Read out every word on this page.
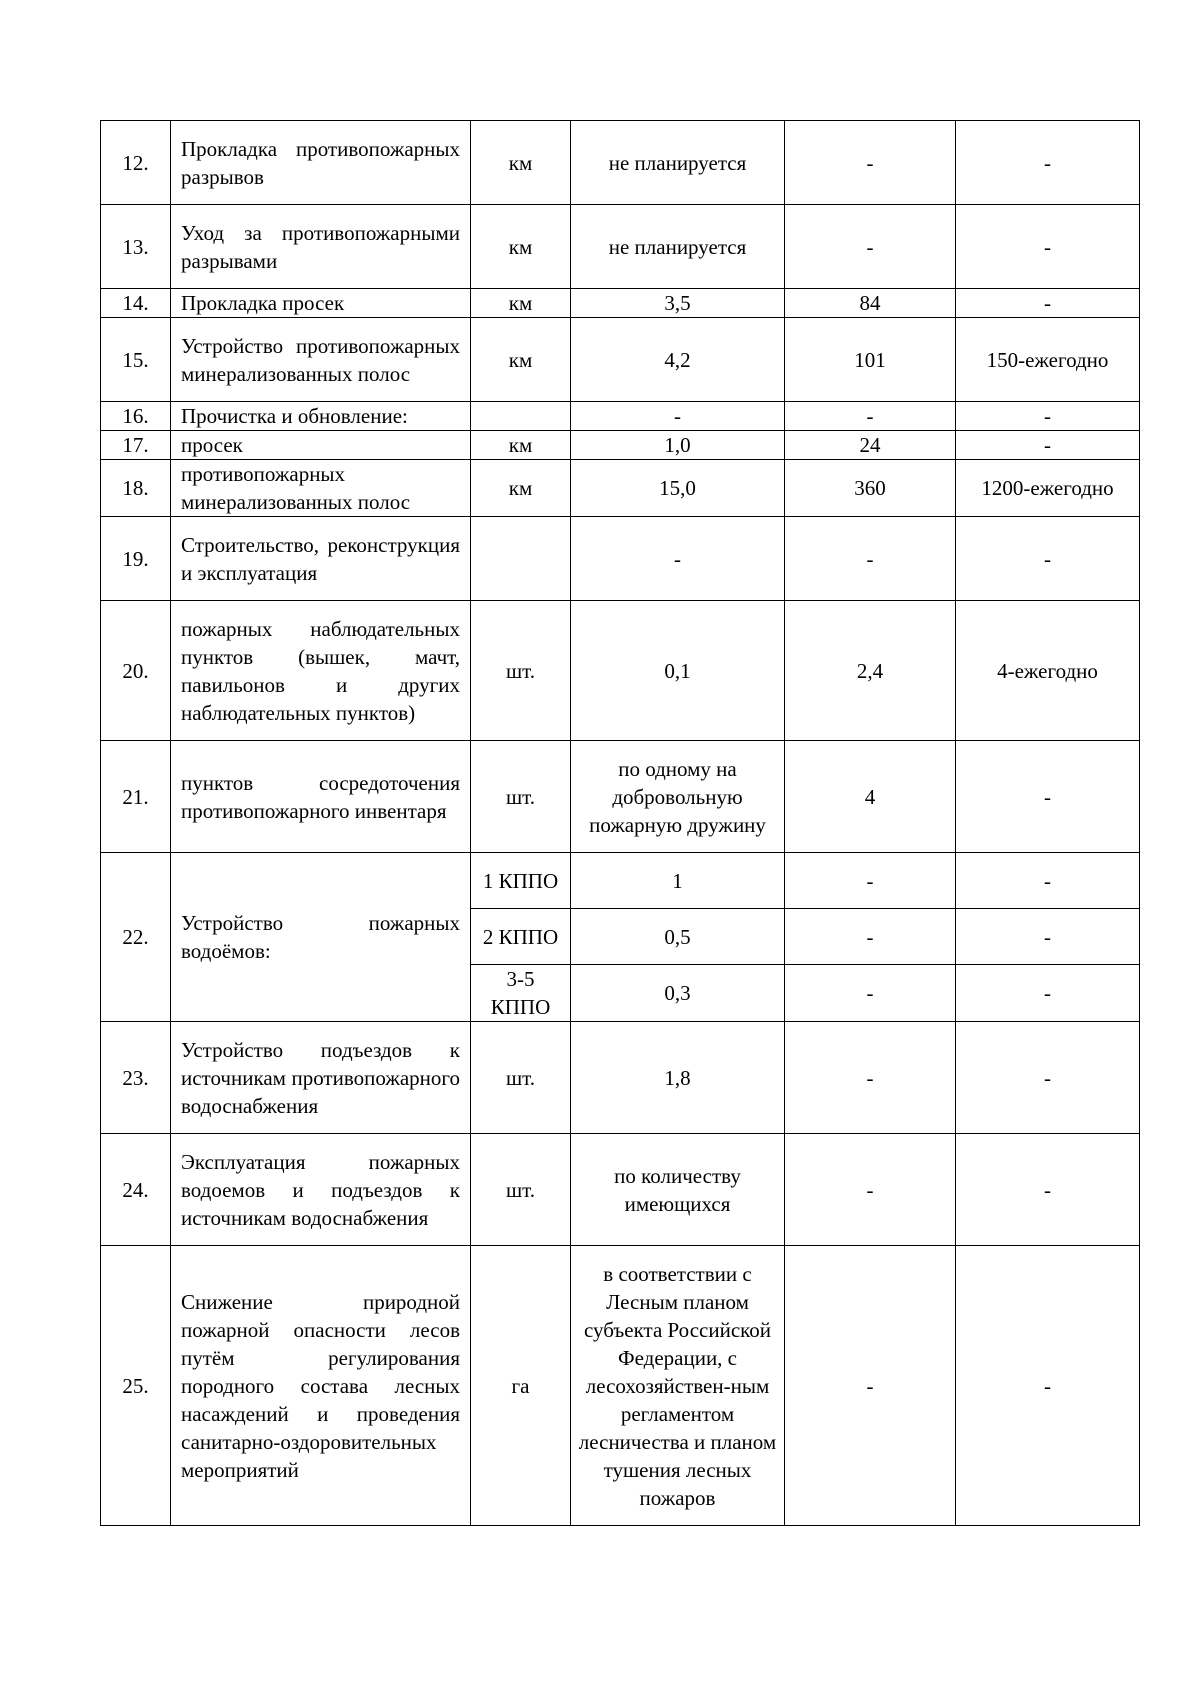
12.	Прокладка противопожарных разрывов	км	не планируется	-	-
13.	Уход за противопожарными разрывами	км	не планируется	-	-
14.	Прокладка просек	км	3,5	84	-
15.	Устройство противопожарных минерализованных полос	км	4,2	101	150-ежегодно
16.	Прочистка и обновление:		-	-	-
17.	просек	км	1,0	24	-
18.	противопожарных минерализованных полос	км	15,0	360	1200-ежегодно
19.	Строительство, реконструкция и эксплуатация		-	-	-
20.	пожарных наблюдательных пунктов (вышек, мачт, павильонов и других наблюдательных пунктов)	шт.	0,1	2,4	4-ежегодно
21.	пунктов сосредоточения противопожарного инвентаря	шт.	по одному на добровольную пожарную дружину	4	-
22.	Устройство пожарных водоёмов:	1 КППО	1	-	-
		2 КППО	0,5	-	-
		3-5 КППО	0,3	-	-
23.	Устройство подъездов к источникам противопожарного водоснабжения	шт.	1,8	-	-
24.	Эксплуатация пожарных водоемов и подъездов к источникам водоснабжения	шт.	по количеству имеющихся	-	-
25.	Снижение природной пожарной опасности лесов путём регулирования породного состава лесных насаждений и проведения санитарно-оздоровительных мероприятий	га	в соответствии с Лесным планом субъекта Российской Федерации, с лесохозяйствен-ным регламентом лесничества и планом тушения лесных пожаров	-	-
